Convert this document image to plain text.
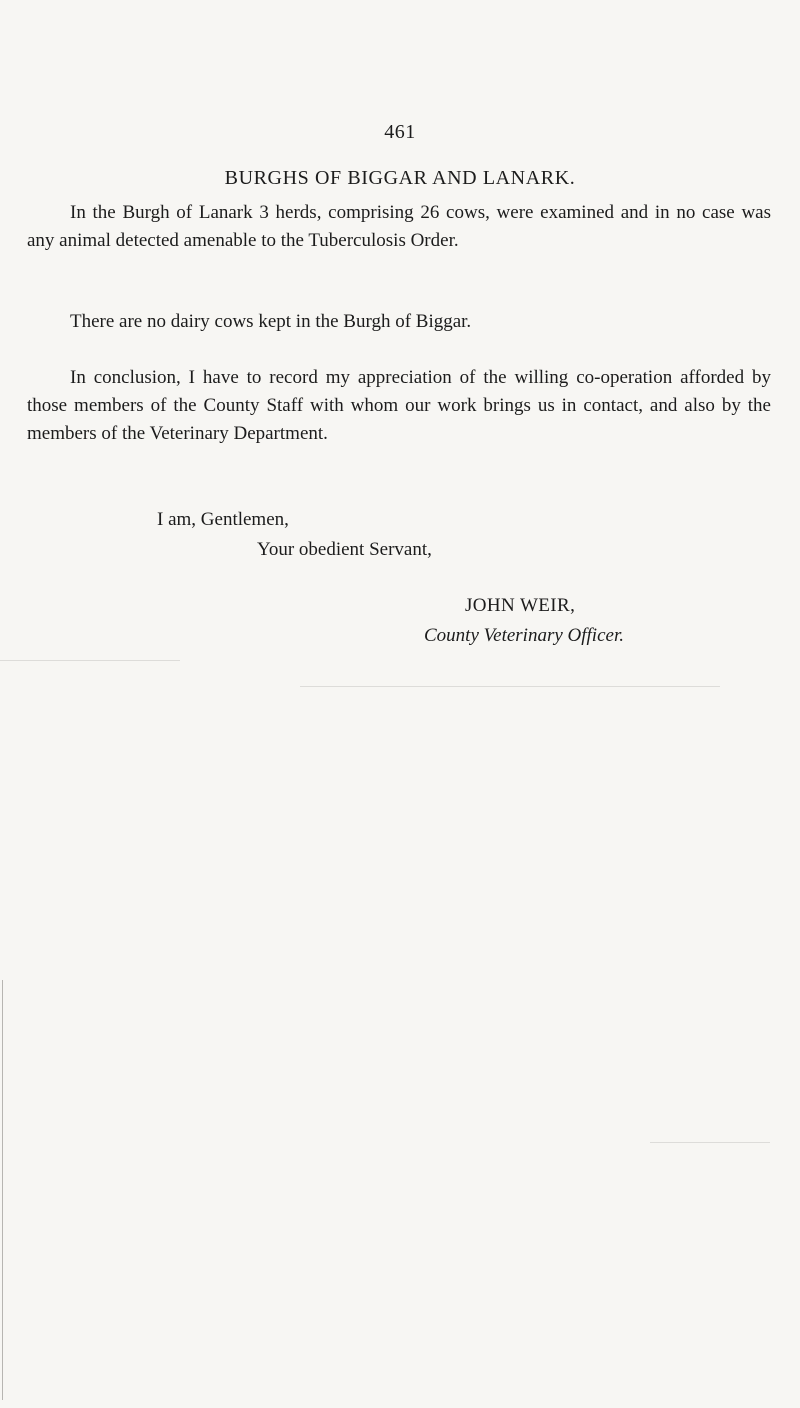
461
BURGHS OF BIGGAR AND LANARK.

In the Burgh of Lanark 3 herds, comprising 26 cows, were examined and in no case was any animal detected amenable to the Tuberculosis Order.

There are no dairy cows kept in the Burgh of Biggar.

In conclusion, I have to record my appreciation of the willing co-operation afforded by those members of the County Staff with whom our work brings us in contact, and also by the members of the Veterinary Department.

I am, Gentlemen,
Your obedient Servant,
JOHN WEIR,
County Veterinary Officer.
